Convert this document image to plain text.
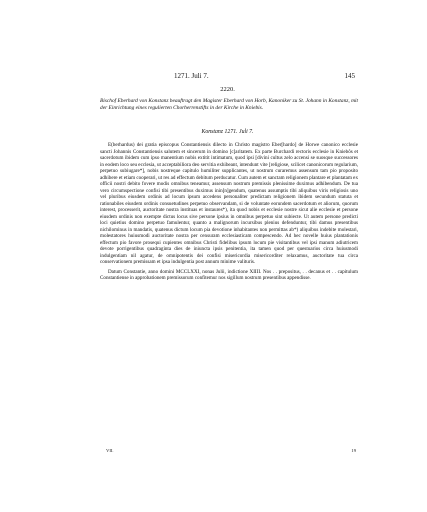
1271. Juli 7.	145
2220.
Bischof Eberhard von Konstanz beauftragt den Magister Eberhard von Horb, Kanoniker zu St. Johann in Konstanz, mit der Einrichtung eines regulierten Chorherrenstifts in der Kirche in Kniebis.
Konstanz 1271. Juli 7.

E(berhardus) dei gratia episcopus Constantiensis dilecto in Christo magistro Eber[hardo] de Horwe canonico ecclesie sancti Johannis Constantiensis salutem et sincerum in domino [c]aritatem. Ex parte Burchardi rectoris ecclesie in Kniebôs et sacerdotum ibidem cum ipso manentium nobis extitit intimatum, quod ipsi [divini cultus zelo accensi se suosque successores in eodem loco seu ecclesia, ut acceptabiliora deo servitia exhibeant, intendunt vite [religiose, scilicet canonicorum regularium, perpetuo subiugare*], nobis nostreque capitulo humiliter supplicantes, ut nostrum curaremus assensum tam pio proposito adhibere et etiam cooperari, ut res ad effectum debitum perducatur. Cum autem et sanctam religionem plantare et plantatam ex officii nostri debito fovere modis omnibus teneamur, assensum nostrum premissis plenissime duximus adhibendum. De tua vero circumspectione confisi tibi presentibus duximus inin[n]gendum, quatenus assumptis tibi aliquibus viris religiosis uno vel pluribus eiusdem ordinis ad locum ipsum accedens personaliter predictam religionem ibidem secundum statuta et rationabiles eiusdem ordinis consuetudines perpetuo observandam, si de voluntate eorundem sacerdotum et aliorum, quorum interest, processerit, auctoritate nostra instituas et instaures*), ita quod nobis et ecclesie nostre sicut alie ecclesie et persone eiusdem ordinis non exempte dictus locus sive persone ipsius in omnibus perpetuo sint subiecte. Ut autem persone predicti loci quietius domino perpetuo famulentur, quanto a malignorum incursibus plenius defenduntur, tibi damus presentibus nichilominus in mandatis, quatenus dictum locum pia devotione inhabitantes non permittas ab*) aliquibus indebite molestari, molestatores huiusmodi auctoritate nostra per censuram ecclesiasticam compescendo. Ad hec novelle huius plantationis effectum pio favore prosequi cupientes omnibus Christi fidelibus ipsum locum pie visitantibus vel ipsi manum adiutricem devote porrigentibus quadraginta dies de iniuncta ipsis penitentia, ita tamen quod per questuarios circa huiusmodi indulgentiam nil agatur, de omnipotentis dei confisi misericordia misericorditer relaxamus, auctoritate tua circa conservationem premissam et ipsa indulgentia post annum minime valituris.

Datum Constantie, anno domini MCCLXXI, nonas Julii, indictione XIIII. Nos . . prepositus, . . decanus et . . capitulum Constantiense in approbationem premissorum confitemur nos sigillum nostrum presentibus appendisse.

VII.	19
